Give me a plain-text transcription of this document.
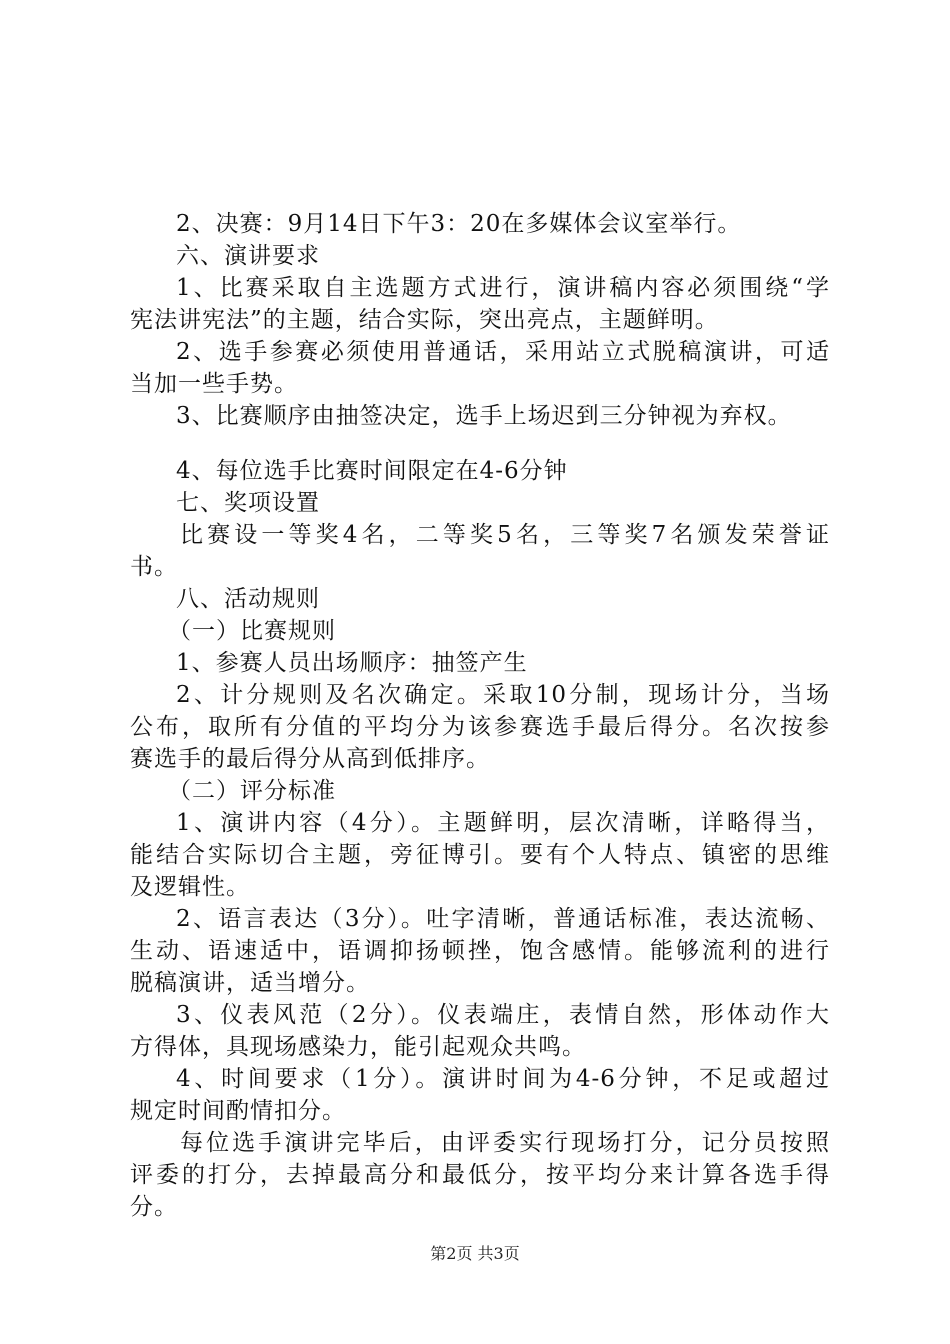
2、决赛：9月14日下午3：20在多媒体会议室举行。
六、演讲要求
1、比赛采取自主选题方式进行，演讲稿内容必须围绕“学
宪法讲宪法”的主题，结合实际，突出亮点，主题鲜明。
2、选手参赛必须使用普通话，采用站立式脱稿演讲，可适
当加一些手势。
3、比赛顺序由抽签决定，选手上场迟到三分钟视为弃权。
4、每位选手比赛时间限定在4-6分钟
七、奖项设置
比赛设一等奖4名，二等奖5名，三等奖7名颁发荣誉证
书。
八、活动规则
（一）比赛规则
1、参赛人员出场顺序：抽签产生
2、计分规则及名次确定。采取10分制，现场计分，当场
公布，取所有分值的平均分为该参赛选手最后得分。名次按参
赛选手的最后得分从高到低排序。
（二）评分标准
1、演讲内容（4分）。主题鲜明，层次清晰，详略得当，
能结合实际切合主题，旁征博引。要有个人特点、镇密的思维
及逻辑性。
2、语言表达（3分）。吐字清晰，普通话标准，表达流畅、
生动、语速适中，语调抑扬顿挫，饱含感情。能够流利的进行
脱稿演讲，适当增分。
3、仪表风范（2分）。仪表端庄，表情自然，形体动作大
方得体，具现场感染力，能引起观众共鸣。
4、时间要求（1分）。演讲时间为4-6分钟，不足或超过
规定时间酌情扣分。
每位选手演讲完毕后，由评委实行现场打分，记分员按照
评委的打分，去掉最高分和最低分，按平均分来计算各选手得
分。
第2页 共3页
